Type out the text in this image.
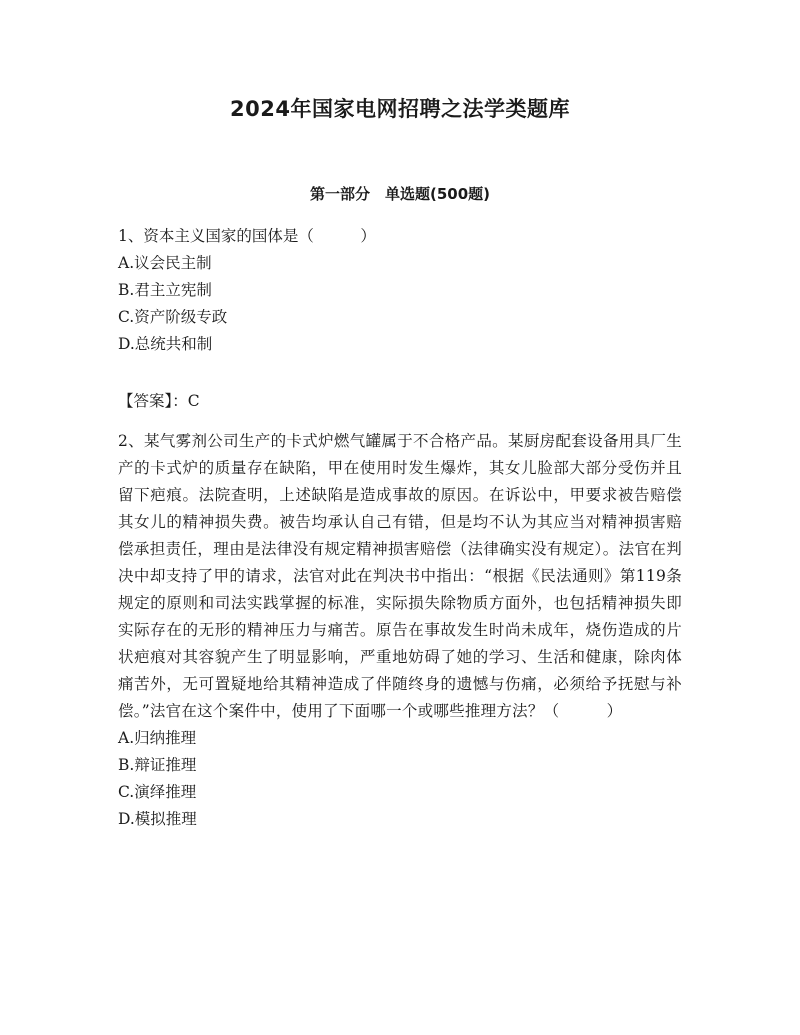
2024年国家电网招聘之法学类题库
第一部分　单选题(500题)

1、资本主义国家的国体是（　　　）

A.议会民主制

B.君主立宪制

C.资产阶级专政

D.总统共和制

【答案】：C

2、某气雾剂公司生产的卡式炉燃气罐属于不合格产品。某厨房配套设备用具厂生产的卡式炉的质量存在缺陷，甲在使用时发生爆炸，其女儿脸部大部分受伤并且留下疤痕。法院查明，上述缺陷是造成事故的原因。在诉讼中，甲要求被告赔偿其女儿的精神损失费。被告均承认自己有错，但是均不认为其应当对精神损害赔偿承担责任，理由是法律没有规定精神损害赔偿（法律确实没有规定）。法官在判决中却支持了甲的请求，法官对此在判决书中指出：“根据《民法通则》第119条规定的原则和司法实践掌握的标准，实际损失除物质方面外，也包括精神损失即实际存在的无形的精神压力与痛苦。原告在事故发生时尚未成年，烧伤造成的片状疤痕对其容貌产生了明显影响，严重地妨碍了她的学习、生活和健康，除肉体痛苦外，无可置疑地给其精神造成了伴随终身的遗憾与伤痛，必须给予抚慰与补偿。”法官在这个案件中，使用了下面哪一个或哪些推理方法？（　　　）

A.归纳推理

B.辩证推理

C.演绎推理

D.模拟推理
